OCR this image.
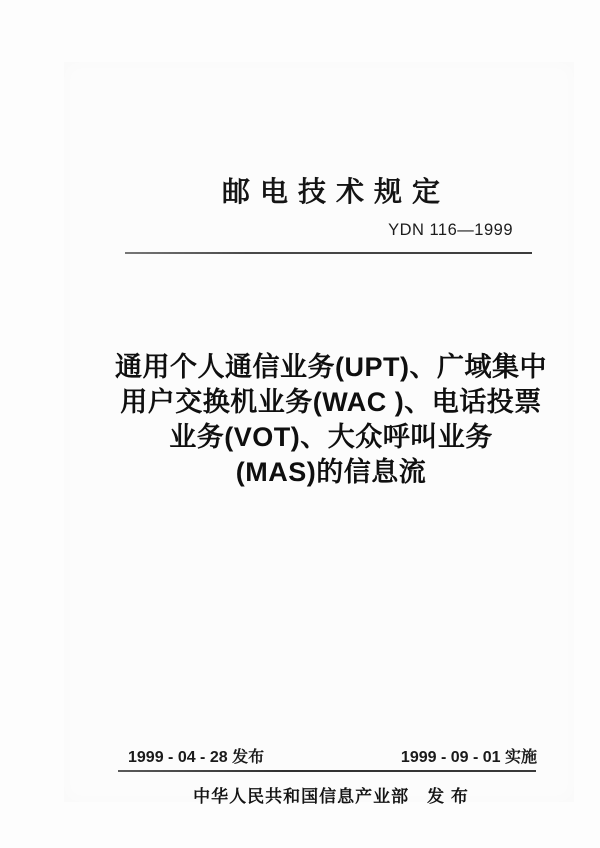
邮电技术规定
YDN 116—1999
通用个人通信业务(UPT)、广域集中
用户交换机业务(WAC )、电话投票
业务(VOT)、大众呼叫业务
(MAS)的信息流

1999 - 04 - 28 发布

	1999 - 09 - 01 实施

中华人民共和国信息产业部　发 布
